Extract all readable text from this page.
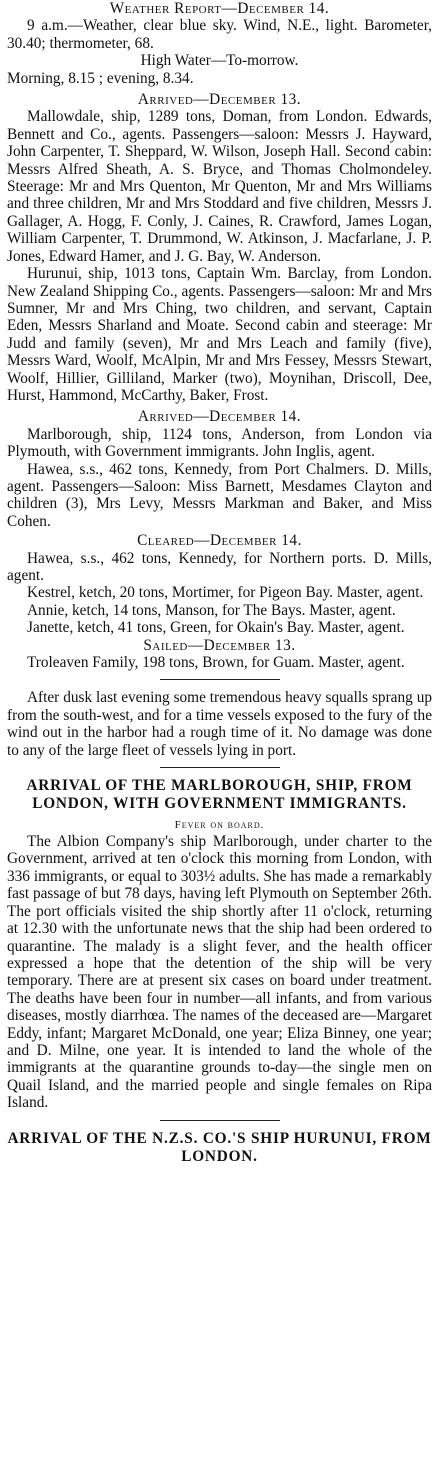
Weather Report—December 14.

9 a.m.—Weather, clear blue sky. Wind, N.E., light. Barometer, 30.40; thermometer, 68.

High Water—To-morrow.

Morning, 8.15 ; evening, 8.34.

Arrived—December 13.

Mallowdale, ship, 1289 tons, Doman, from London. Edwards, Bennett and Co., agents. Passengers—saloon: Messrs J. Hayward, John Carpenter, T. Sheppard, W. Wilson, Joseph Hall. Second cabin: Messrs Alfred Sheath, A. S. Bryce, and Thomas Cholmondeley. Steerage: Mr and Mrs Quenton, Mr Quenton, Mr and Mrs Williams and three children, Mr and Mrs Stoddard and five children, Messrs J. Gallager, A. Hogg, F. Conly, J. Caines, R. Crawford, James Logan, William Carpenter, T. Drummond, W. Atkinson, J. Macfarlane, J. P. Jones, Edward Hamer, and J. G. Bay, W. Anderson.

Hurunui, ship, 1013 tons, Captain Wm. Barclay, from London. New Zealand Shipping Co., agents. Passengers—saloon: Mr and Mrs Sumner, Mr and Mrs Ching, two children, and servant, Captain Eden, Messrs Sharland and Moate. Second cabin and steerage: Mr Judd and family (seven), Mr and Mrs Leach and family (five), Messrs Ward, Woolf, McAlpin, Mr and Mrs Fessey, Messrs Stewart, Woolf, Hillier, Gilliland, Marker (two), Moynihan, Driscoll, Dee, Hurst, Hammond, McCarthy, Baker, Frost.

Arrived—December 14.

Marlborough, ship, 1124 tons, Anderson, from London via Plymouth, with Government immigrants. John Inglis, agent.

Hawea, s.s., 462 tons, Kennedy, from Port Chalmers. D. Mills, agent. Passengers—Saloon: Miss Barnett, Mesdames Clayton and children (3), Mrs Levy, Messrs Markman and Baker, and Miss Cohen.

Cleared—December 14.

Hawea, s.s., 462 tons, Kennedy, for Northern ports. D. Mills, agent.

Kestrel, ketch, 20 tons, Mortimer, for Pigeon Bay. Master, agent.

Annie, ketch, 14 tons, Manson, for The Bays. Master, agent.

Janette, ketch, 41 tons, Green, for Okain's Bay. Master, agent.

Sailed—December 13.

Troleaven Family, 198 tons, Brown, for Guam. Master, agent.

After dusk last evening some tremendous heavy squalls sprang up from the south-west, and for a time vessels exposed to the fury of the wind out in the harbor had a rough time of it. No damage was done to any of the large fleet of vessels lying in port.

ARRIVAL OF THE MARLBOROUGH, SHIP, FROM LONDON, WITH GOVERNMENT IMMIGRANTS.

Fever on board.

The Albion Company's ship Marlborough, under charter to the Government, arrived at ten o'clock this morning from London, with 336 immigrants, or equal to 303½ adults. She has made a remarkably fast passage of but 78 days, having left Plymouth on September 26th. The port officials visited the ship shortly after 11 o'clock, returning at 12.30 with the unfortunate news that the ship had been ordered to quarantine. The malady is a slight fever, and the health officer expressed a hope that the detention of the ship will be very temporary. There are at present six cases on board under treatment. The deaths have been four in number—all infants, and from various diseases, mostly diarrhœa. The names of the deceased are—Margaret Eddy, infant; Margaret McDonald, one year; Eliza Binney, one year; and D. Milne, one year. It is intended to land the whole of the immigrants at the quarantine grounds to-day—the single men on Quail Island, and the married people and single females on Ripa Island.

ARRIVAL OF THE N.Z.S. CO.'S SHIP HURUNUI, FROM LONDON.
